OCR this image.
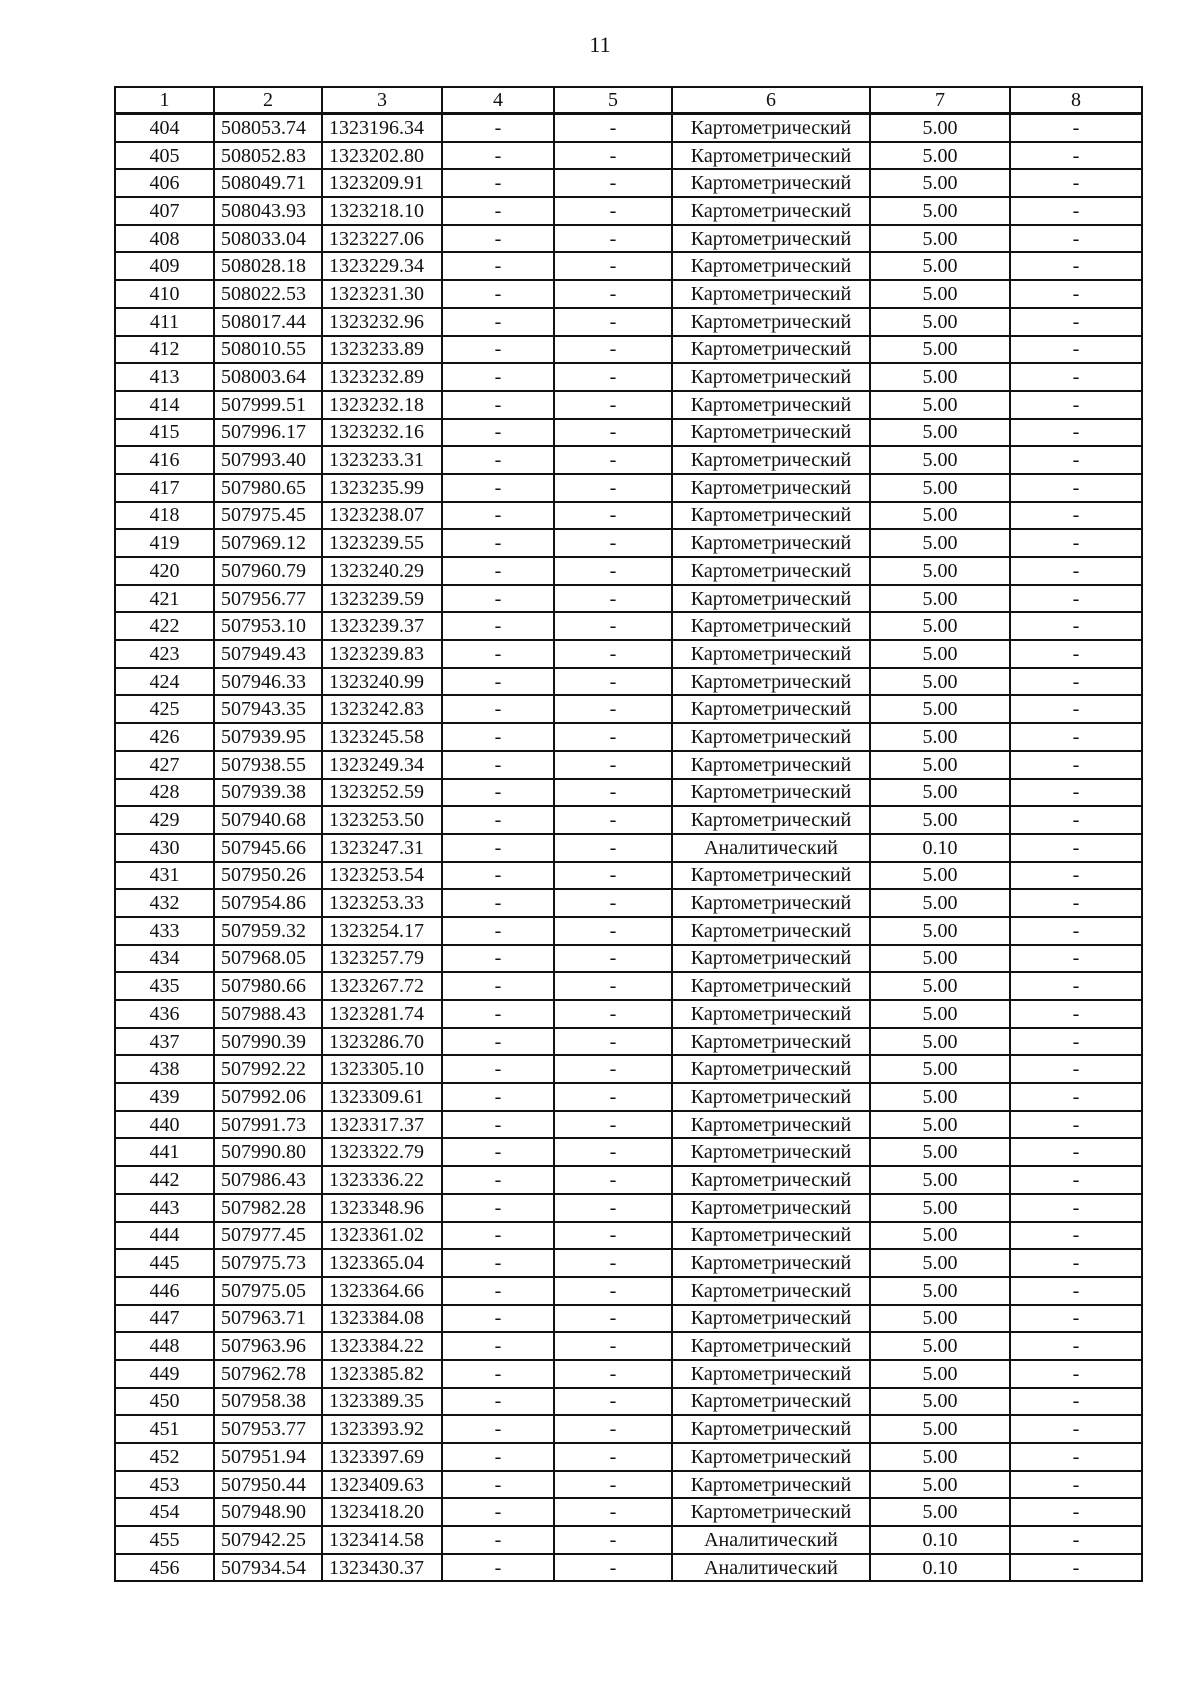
11
1	2	3	4	5	6	7	8
404	508053.74	1323196.34	-	-	Картометрический	5.00	-
405	508052.83	1323202.80	-	-	Картометрический	5.00	-
406	508049.71	1323209.91	-	-	Картометрический	5.00	-
407	508043.93	1323218.10	-	-	Картометрический	5.00	-
408	508033.04	1323227.06	-	-	Картометрический	5.00	-
409	508028.18	1323229.34	-	-	Картометрический	5.00	-
410	508022.53	1323231.30	-	-	Картометрический	5.00	-
411	508017.44	1323232.96	-	-	Картометрический	5.00	-
412	508010.55	1323233.89	-	-	Картометрический	5.00	-
413	508003.64	1323232.89	-	-	Картометрический	5.00	-
414	507999.51	1323232.18	-	-	Картометрический	5.00	-
415	507996.17	1323232.16	-	-	Картометрический	5.00	-
416	507993.40	1323233.31	-	-	Картометрический	5.00	-
417	507980.65	1323235.99	-	-	Картометрический	5.00	-
418	507975.45	1323238.07	-	-	Картометрический	5.00	-
419	507969.12	1323239.55	-	-	Картометрический	5.00	-
420	507960.79	1323240.29	-	-	Картометрический	5.00	-
421	507956.77	1323239.59	-	-	Картометрический	5.00	-
422	507953.10	1323239.37	-	-	Картометрический	5.00	-
423	507949.43	1323239.83	-	-	Картометрический	5.00	-
424	507946.33	1323240.99	-	-	Картометрический	5.00	-
425	507943.35	1323242.83	-	-	Картометрический	5.00	-
426	507939.95	1323245.58	-	-	Картометрический	5.00	-
427	507938.55	1323249.34	-	-	Картометрический	5.00	-
428	507939.38	1323252.59	-	-	Картометрический	5.00	-
429	507940.68	1323253.50	-	-	Картометрический	5.00	-
430	507945.66	1323247.31	-	-	Аналитический	0.10	-
431	507950.26	1323253.54	-	-	Картометрический	5.00	-
432	507954.86	1323253.33	-	-	Картометрический	5.00	-
433	507959.32	1323254.17	-	-	Картометрический	5.00	-
434	507968.05	1323257.79	-	-	Картометрический	5.00	-
435	507980.66	1323267.72	-	-	Картометрический	5.00	-
436	507988.43	1323281.74	-	-	Картометрический	5.00	-
437	507990.39	1323286.70	-	-	Картометрический	5.00	-
438	507992.22	1323305.10	-	-	Картометрический	5.00	-
439	507992.06	1323309.61	-	-	Картометрический	5.00	-
440	507991.73	1323317.37	-	-	Картометрический	5.00	-
441	507990.80	1323322.79	-	-	Картометрический	5.00	-
442	507986.43	1323336.22	-	-	Картометрический	5.00	-
443	507982.28	1323348.96	-	-	Картометрический	5.00	-
444	507977.45	1323361.02	-	-	Картометрический	5.00	-
445	507975.73	1323365.04	-	-	Картометрический	5.00	-
446	507975.05	1323364.66	-	-	Картометрический	5.00	-
447	507963.71	1323384.08	-	-	Картометрический	5.00	-
448	507963.96	1323384.22	-	-	Картометрический	5.00	-
449	507962.78	1323385.82	-	-	Картометрический	5.00	-
450	507958.38	1323389.35	-	-	Картометрический	5.00	-
451	507953.77	1323393.92	-	-	Картометрический	5.00	-
452	507951.94	1323397.69	-	-	Картометрический	5.00	-
453	507950.44	1323409.63	-	-	Картометрический	5.00	-
454	507948.90	1323418.20	-	-	Картометрический	5.00	-
455	507942.25	1323414.58	-	-	Аналитический	0.10	-
456	507934.54	1323430.37	-	-	Аналитический	0.10	-
